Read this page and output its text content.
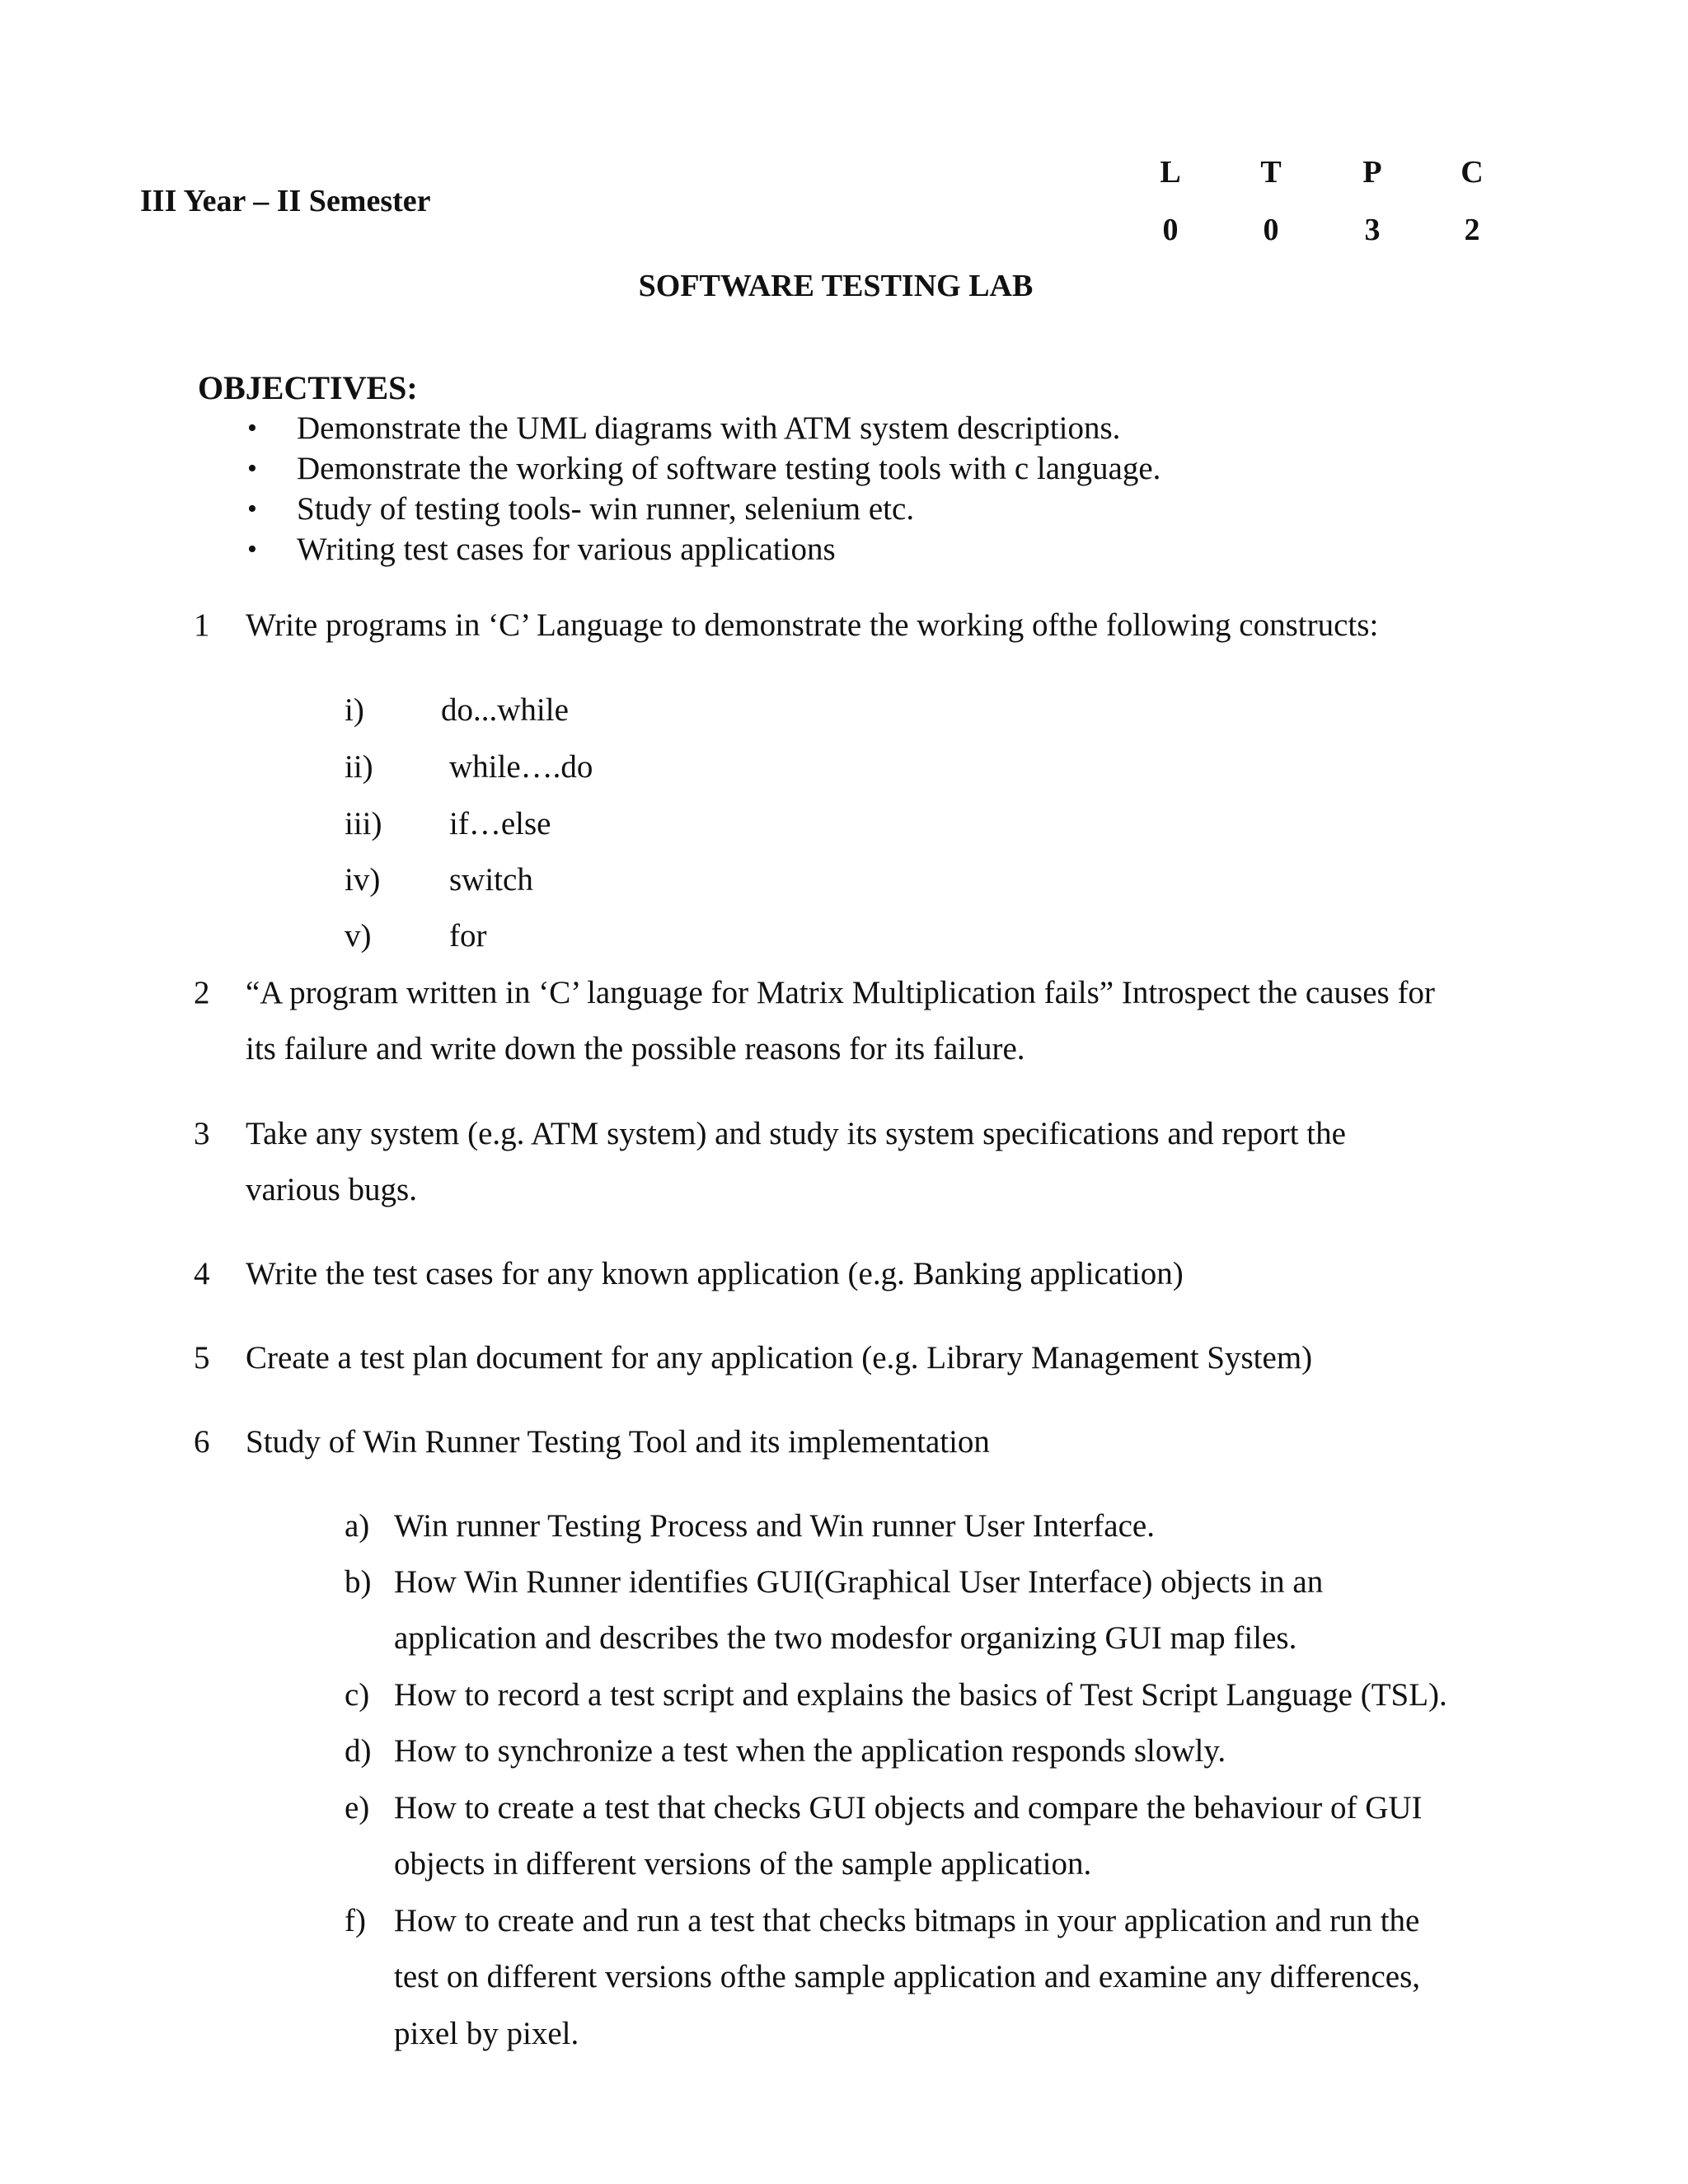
III Year – II Semester
L	T	P	C
0	0	3	2
SOFTWARE TESTING LAB
OBJECTIVES:
• Demonstrate the UML diagrams with ATM system descriptions.
• Demonstrate the working of software testing tools with c language.
• Study of testing tools- win runner, selenium etc.
• Writing test cases for various applications
1	Write programs in ‘C’ Language to demonstrate the working ofthe following constructs:
i) do...while
ii) while….do
iii) if…else
iv) switch
v) for
2	“A program written in ‘C’ language for Matrix Multiplication fails” Introspect the causes for
its failure and write down the possible reasons for its failure.
3	Take any system (e.g. ATM system) and study its system specifications and report the
various bugs.
4	Write the test cases for any known application (e.g. Banking application)
5	Create a test plan document for any application (e.g. Library Management System)
6	Study of Win Runner Testing Tool and its implementation
a) Win runner Testing Process and Win runner User Interface.
b) How Win Runner identifies GUI(Graphical User Interface) objects in an
application and describes the two modesfor organizing GUI map files.
c) How to record a test script and explains the basics of Test Script Language (TSL).
d) How to synchronize a test when the application responds slowly.
e) How to create a test that checks GUI objects and compare the behaviour of GUI
objects in different versions of the sample application.
f) How to create and run a test that checks bitmaps in your application and run the
test on different versions ofthe sample application and examine any differences,
pixel by pixel.
